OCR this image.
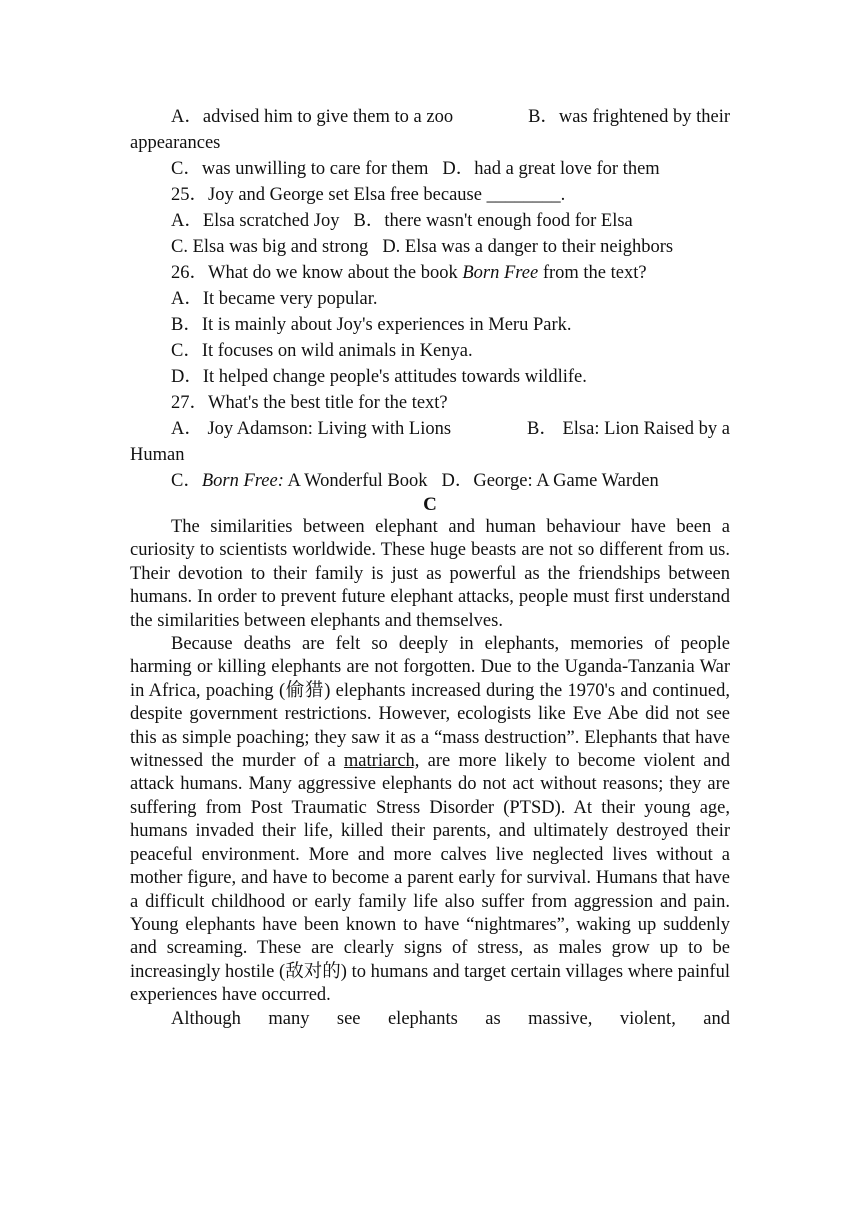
A．advised him to give them to a zoo	B．was frightened by their
appearances
C．was unwilling to care for them D．had a great love for them
25．Joy and George set Elsa free because ________.
A．Elsa scratched Joy B．there wasn't enough food for Elsa
C. Elsa was big and strong D. Elsa was a danger to their neighbors
26．What do we know about the book Born Free from the text?
A．It became very popular.
B．It is mainly about Joy's experiences in Meru Park.
C．It focuses on wild animals in Kenya.
D．It helped change people's attitudes towards wildlife.
27．What's the best title for the text?
A． Joy Adamson: Living with Lions	B． Elsa: Lion Raised by a
Human
C．Born Free: A Wonderful Book D．George: A Game Warden
C

The similarities between elephant and human behaviour have been a curiosity to scientists worldwide. These huge beasts are not so different from us. Their devotion to their family is just as powerful as the friendships between humans. In order to prevent future elephant attacks, people must first understand the similarities between elephants and themselves.

Because deaths are felt so deeply in elephants, memories of people harming or killing elephants are not forgotten. Due to the Uganda-Tanzania War in Africa, poaching (偷猎) elephants increased during the 1970's and continued, despite government restrictions. However, ecologists like Eve Abe did not see this as simple poaching; they saw it as a “mass destruction”. Elephants that have witnessed the murder of a matriarch, are more likely to become violent and attack humans. Many aggressive elephants do not act without reasons; they are suffering from Post Traumatic Stress Disorder (PTSD). At their young age, humans invaded their life, killed their parents, and ultimately destroyed their peaceful environment. More and more calves live neglected lives without a mother figure, and have to become a parent early for survival. Humans that have a difficult childhood or early family life also suffer from aggression and pain. Young elephants have been known to have “nightmares”, waking up suddenly and screaming. These are clearly signs of stress, as males grow up to be increasingly hostile (敌对的) to humans and target certain villages where painful experiences have occurred.

Although many see elephants as massive, violent, and
